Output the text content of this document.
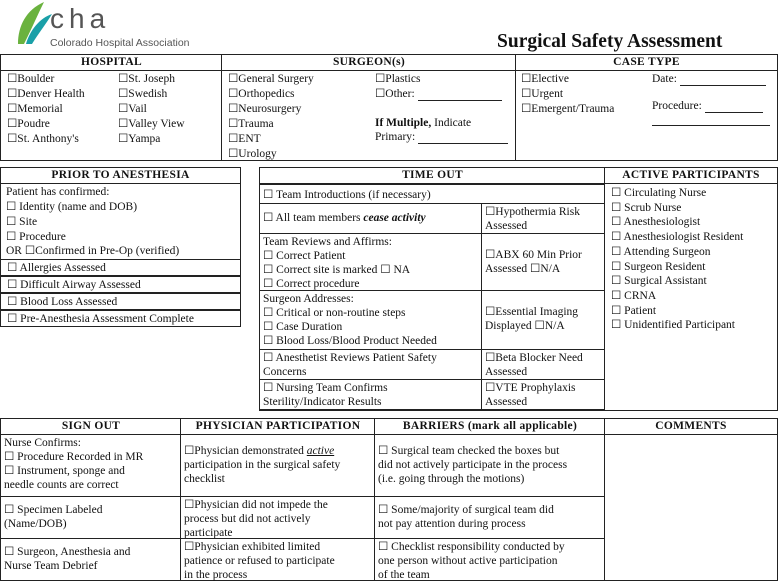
cha
Colorado Hospital Association	Surgical Safety Assessment
HOSPITAL
☐Boulder
☐Denver Health
☐Memorial
☐Poudre
☐St. Anthony's
☐St. Joseph
☐Swedish
☐Vail
☐Valley View
☐Yampa
SURGEON(s)
☐General Surgery
☐Orthopedics
☐Neurosurgery
☐Trauma
☐ENT
☐Urology
☐Plastics
☐Other:
If Multiple, Indicate
Primary:
CASE TYPE
☐Elective
☐Urgent
☐Emergent/Trauma
Date:
Procedure:
PRIOR TO ANESTHESIA
Patient has confirmed:
☐ Identity (name and DOB)
☐ Site
☐ Procedure
OR ☐Confirmed in Pre-Op (verified)
☐ Allergies Assessed
☐ Difficult Airway Assessed
☐ Blood Loss Assessed
☐ Pre-Anesthesia Assessment Complete
TIME OUT
☐ Team Introductions (if necessary)
☐ All team members cease activity	☐Hypothermia Risk
Assessed
Team Reviews and Affirms:
☐ Correct Patient
☐ Correct site is marked ☐ NA
☐ Correct procedure
☐ABX 60 Min Prior
Assessed ☐N/A
Surgeon Addresses:
☐ Critical or non-routine steps
☐ Case Duration
☐ Blood Loss/Blood Product Needed
☐Essential Imaging
Displayed ☐N/A
☐ Anesthetist Reviews Patient Safety
Concerns
☐Beta Blocker Need
Assessed
☐ Nursing Team Confirms
Sterility/Indicator Results
☐VTE Prophylaxis
Assessed
ACTIVE PARTICIPANTS
☐ Circulating Nurse
☐ Scrub Nurse
☐ Anesthesiologist
☐ Anesthesiologist Resident
☐ Attending Surgeon
☐ Surgeon Resident
☐ Surgical Assistant
☐ CRNA
☐ Patient
☐ Unidentified Participant
SIGN OUT
Nurse Confirms:
☐ Procedure Recorded in MR
☐ Instrument, sponge and
needle counts are correct
☐ Specimen Labeled
(Name/DOB)
☐ Surgeon, Anesthesia and
Nurse Team Debrief
PHYSICIAN PARTICIPATION
☐Physician demonstrated active
participation in the surgical safety
checklist
☐Physician did not impede the
process but did not actively
participate
☐Physician exhibited limited
patience or refused to participate
in the process
BARRIERS (mark all applicable)
☐ Surgical team checked the boxes but
did not actively participate in the process
(i.e. going through the motions)
☐ Some/majority of surgical team did
not pay attention during process
☐ Checklist responsibility conducted by
one person without active participation
of the team
COMMENTS
